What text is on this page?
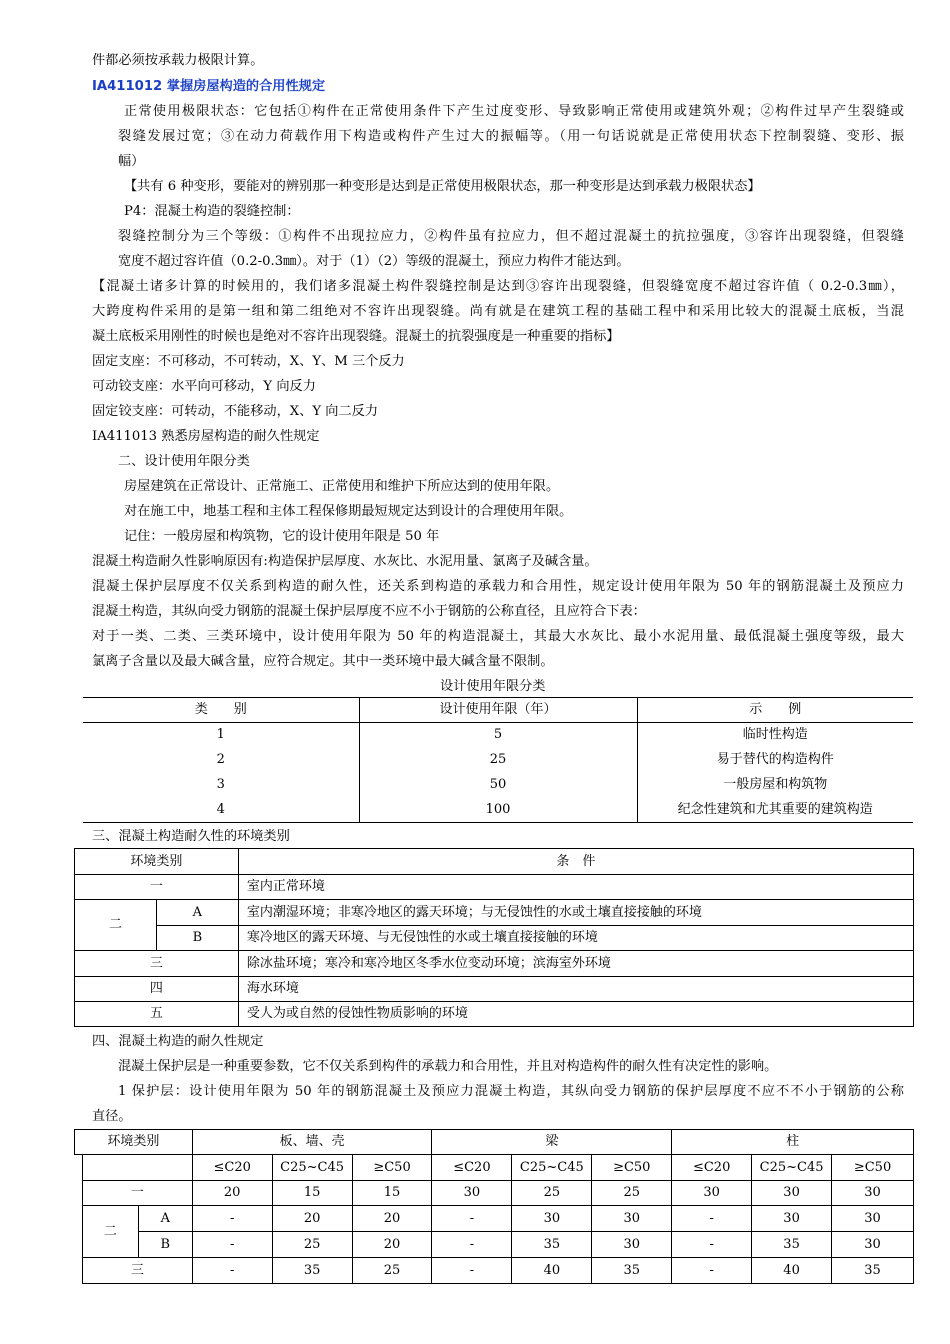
件都必须按承载力极限计算。
IA411012 掌握房屋构造的合用性规定
正常使用极限状态：它包括①构件在正常使用条件下产生过度变形、导致影响正常使用或建筑外观；②构件过早产生裂缝或
裂缝发展过宽；③在动力荷载作用下构造或构件产生过大的振幅等。（用一句话说就是正常使用状态下控制裂缝、变形、振
幅）
【共有 6 种变形，要能对的辨别那一种变形是达到是正常使用极限状态，那一种变形是达到承载力极限状态】
P4：混凝土构造的裂缝控制：
裂缝控制分为三个等级：①构件不出现拉应力，②构件虽有拉应力，但不超过混凝土的抗拉强度，③容许出现裂缝，但裂缝
宽度不超过容许值（0.2-0.3㎜）。对于（1）（2）等级的混凝土，预应力构件才能达到。
【混凝土诸多计算的时候用的，我们诸多混凝土构件裂缝控制是达到③容许出现裂缝，但裂缝宽度不超过容许值（ 0.2-0.3㎜），
大跨度构件采用的是第一组和第二组绝对不容许出现裂缝。尚有就是在建筑工程的基础工程中和采用比较大的混凝土底板，当混
凝土底板采用刚性的时候也是绝对不容许出现裂缝。混凝土的抗裂强度是一种重要的指标】
固定支座：不可移动，不可转动，X、Y、M 三个反力
可动铰支座：水平向可移动，Y 向反力
固定铰支座：可转动，不能移动，X、Y 向二反力
IA411013 熟悉房屋构造的耐久性规定
二、设计使用年限分类
房屋建筑在正常设计、正常施工、正常使用和维护下所应达到的使用年限。
对在施工中，地基工程和主体工程保修期最短规定达到设计的合理使用年限。
记住：一般房屋和构筑物，它的设计使用年限是 50 年
混凝土构造耐久性影响原因有:构造保护层厚度、水灰比、水泥用量、氯离子及碱含量。
混凝土保护层厚度不仅关系到构造的耐久性，还关系到构造的承载力和合用性，规定设计使用年限为 50 年的钢筋混凝土及预应力
混凝土构造，其纵向受力钢筋的混凝土保护层厚度不应不小于钢筋的公称直径，且应符合下表：
对于一类、二类、三类环境中，设计使用年限为 50 年的构造混凝土，其最大水灰比、最小水泥用量、最低混凝土强度等级，最大
氯离子含量以及最大碱含量，应符合规定。其中一类环境中最大碱含量不限制。
设计使用年限分类
类　　别	设计使用年限（年）	示　　例
1	5	临时性构造
2	25	易于替代的构造构件
3	50	一般房屋和构筑物
4	100	纪念性建筑和尤其重要的建筑构造
三、混凝土构造耐久性的环境类别
环境类别		条　件
一		室内正常环境
二	A	室内潮湿环境；非寒冷地区的露天环境；与无侵蚀性的水或土壤直接接触的环境
	B	寒冷地区的露天环境、与无侵蚀性的水或土壤直接接触的环境
三		除冰盐环境；寒冷和寒冷地区冬季水位变动环境；滨海室外环境
四		海水环境
五		受人为或自然的侵蚀性物质影响的环境
四、混凝土构造的耐久性规定
混凝土保护层是一种重要参数，它不仅关系到构件的承载力和合用性，并且对构造构件的耐久性有决定性的影响。
1 保护层：设计使用年限为 50 年的钢筋混凝土及预应力混凝土构造，其纵向受力钢筋的保护层厚度不应不不小于钢筋的公称
直径。
环境类别			板、墙、壳			梁			柱		
			≤C20	C25~C45	≥C50	≤C20	C25~C45	≥C50	≤C20	C25~C45	≥C50
	一		20	15	15	30	25	25	30	30	30
	二	A	-	20	20	-	30	30	-	30	30
		B	-	25	20	-	35	30	-	35	30
	三		-	35	25	-	40	35	-	40	35
